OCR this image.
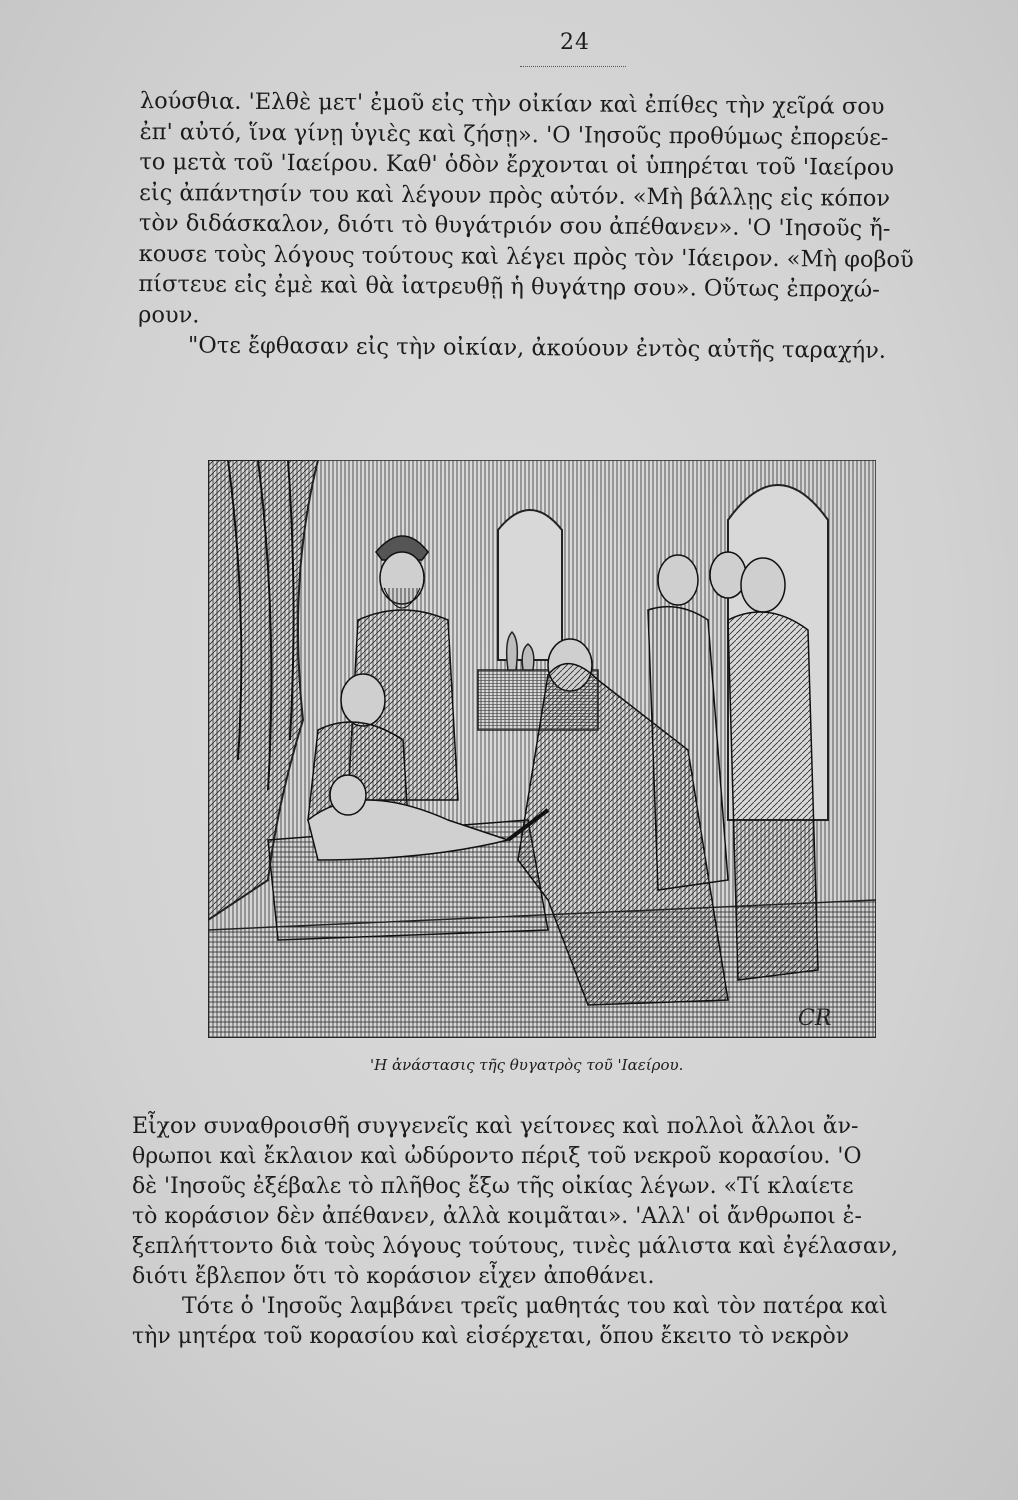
24
λούσθια. 'Ελθὲ μετ' ἐμοῦ εἰς τὴν οἰκίαν καὶ ἐπίθες τὴν χεῖρά σου
ἐπ' αὐτό, ἵνα γίνῃ ὑγιὲς καὶ ζήσῃ». 'Ο 'Ιησοῦς προθύμως ἐπορεύε-
το μετὰ τοῦ 'Ιαείρου. Καθ' ὁδὸν ἔρχονται οἱ ὑπηρέται τοῦ 'Ιαείρου
εἰς ἀπάντησίν του καὶ λέγουν πρὸς αὐτόν. «Μὴ βάλλῃς εἰς κόπον
τὸν διδάσκαλον, διότι τὸ θυγάτριόν σου ἀπέθανεν». 'Ο 'Ιησοῦς ἤ-
κουσε τοὺς λόγους τούτους καὶ λέγει πρὸς τὸν 'Ιάειρον. «Μὴ φοβοῦ
πίστευε εἰς ἐμὲ καὶ θὰ ἰατρευθῇ ἡ θυγάτηρ σου». Οὕτως ἐπροχώ-
ρουν.
"Οτε ἔφθασαν εἰς τὴν οἰκίαν, ἀκούουν ἐντὸς αὐτῆς ταραχήν.
CR
'Η ἀνάστασις τῆς θυγατρὸς τοῦ 'Ιαείρου.
Εἶχον συναθροισθῆ συγγενεῖς καὶ γείτονες καὶ πολλοὶ ἄλλοι ἄν-
θρωποι καὶ ἔκλαιον καὶ ὠδύροντο πέριξ τοῦ νεκροῦ κορασίου. 'Ο
δὲ 'Ιησοῦς ἐξέβαλε τὸ πλῆθος ἔξω τῆς οἰκίας λέγων. «Τί κλαίετε
τὸ κοράσιον δὲν ἀπέθανεν, ἀλλὰ κοιμᾶται». 'Αλλ' οἱ ἄνθρωποι ἐ-
ξεπλήττοντο διὰ τοὺς λόγους τούτους, τινὲς μάλιστα καὶ ἐγέλασαν,
διότι ἔβλεπον ὅτι τὸ κοράσιον εἶχεν ἀποθάνει.
Τότε ὁ 'Ιησοῦς λαμβάνει τρεῖς μαθητάς του καὶ τὸν πατέρα καὶ
τὴν μητέρα τοῦ κορασίου καὶ εἰσέρχεται, ὅπου ἔκειτο τὸ νεκρὸν
